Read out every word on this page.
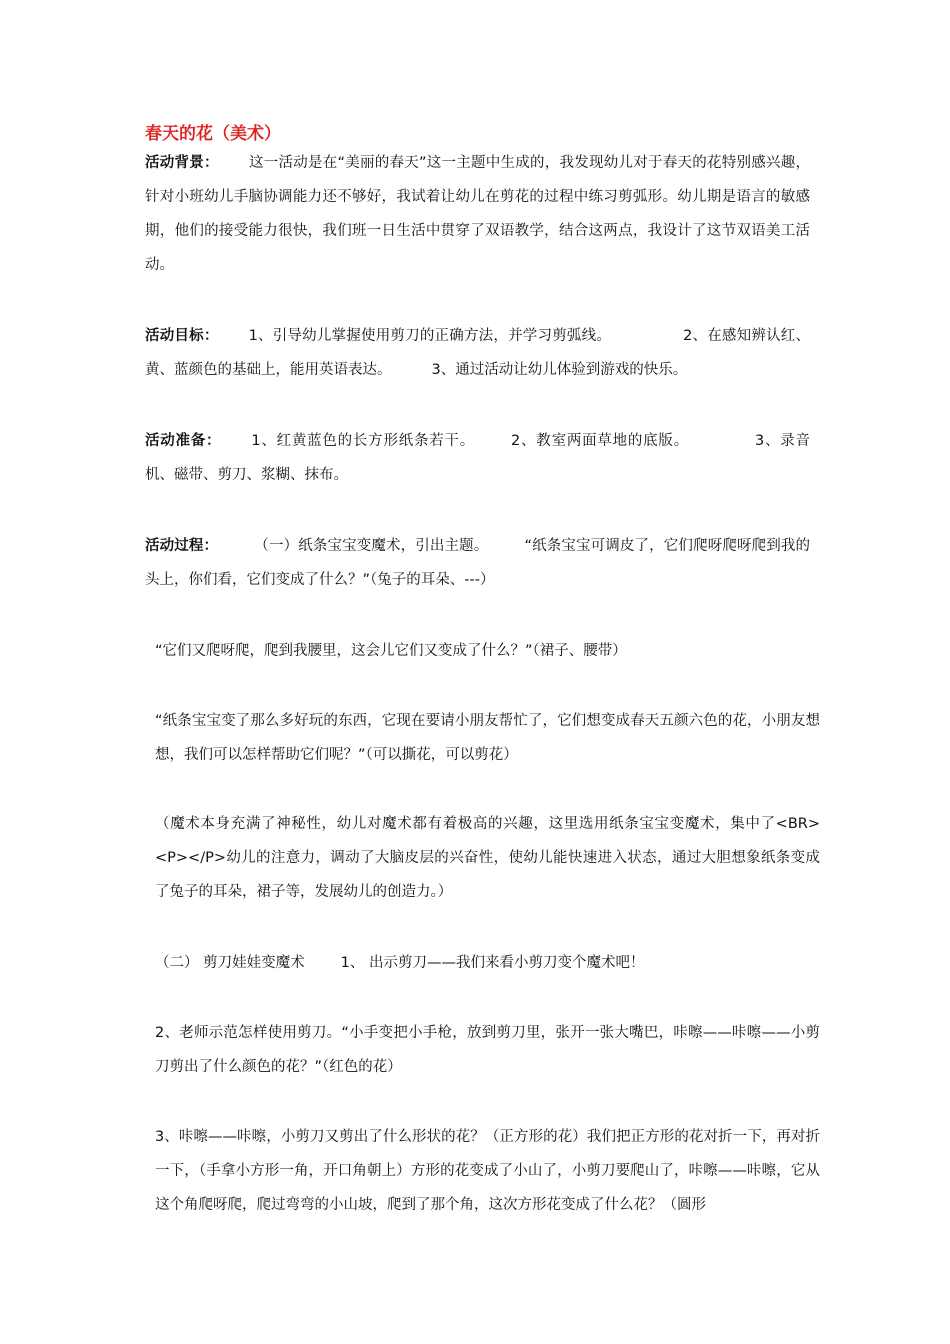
春天的花（美术）
活动背景： 这一活动是在“美丽的春天”这一主题中生成的，我发现幼儿对于春天的花特别感兴趣，针对小班幼儿手脑协调能力还不够好，我试着让幼儿在剪花的过程中练习剪弧形。幼儿期是语言的敏感期，他们的接受能力很快，我们班一日生活中贯穿了双语教学，结合这两点，我设计了这节双语美工活动。
活动目标： 1、引导幼儿掌握使用剪刀的正确方法，并学习剪弧线。	2、在感知辨认红、黄、蓝颜色的基础上，能用英语表达。	3、通过活动让幼儿体验到游戏的快乐。
活动准备： 1、红黄蓝色的长方形纸条若干。 2、教室两面草地的底版。	3、录音机、磁带、剪刀、浆糊、抹布。
活动过程： （一）纸条宝宝变魔术，引出主题。 “纸条宝宝可调皮了，它们爬呀爬呀爬到我的头上，你们看，它们变成了什么？”（兔子的耳朵、---）
“它们又爬呀爬，爬到我腰里，这会儿它们又变成了什么？”（裙子、腰带）
“纸条宝宝变了那么多好玩的东西，它现在要请小朋友帮忙了，它们想变成春天五颜六色的花，小朋友想想，我们可以怎样帮助它们呢？”（可以撕花，可以剪花）
（魔术本身充满了神秘性，幼儿对魔术都有着极高的兴趣，这里选用纸条宝宝变魔术，集中了<BR><P></P>幼儿的注意力，调动了大脑皮层的兴奋性，使幼儿能快速进入状态，通过大胆想象纸条变成了兔子的耳朵，裙子等，发展幼儿的创造力。）
（二） 剪刀娃娃变魔术 1、 出示剪刀——我们来看小剪刀变个魔术吧！
2、老师示范怎样使用剪刀。“小手变把小手枪，放到剪刀里，张开一张大嘴巴，咔嚓——咔嚓——小剪刀剪出了什么颜色的花？”（红色的花）
3、咔嚓——咔嚓，小剪刀又剪出了什么形状的花？（正方形的花）我们把正方形的花对折一下，再对折一下，（手拿小方形一角，开口角朝上）方形的花变成了小山了，小剪刀要爬山了，咔嚓——咔嚓，它从这个角爬呀爬，爬过弯弯的小山坡，爬到了那个角，这次方形花变成了什么花？（圆形
